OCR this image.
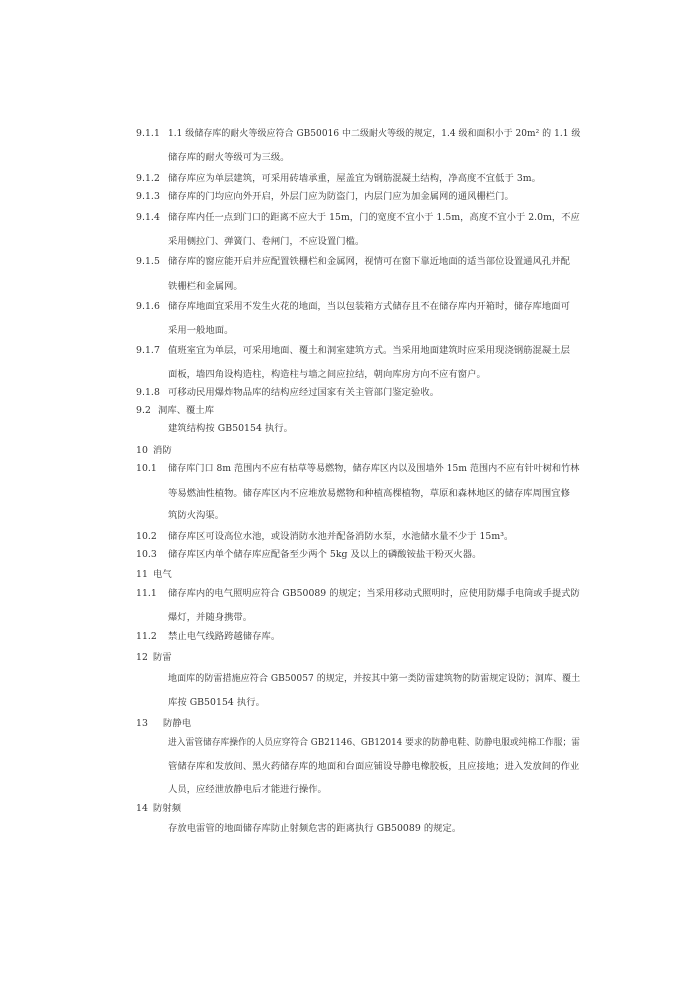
9.1.1 1.1 级储存库的耐火等级应符合 GB50016 中二级耐火等级的规定，1.4 级和面积小于 20m² 的 1.1 级
储存库的耐火等级可为三级。
9.1.2 储存库应为单层建筑，可采用砖墙承重，屋盖宜为钢筋混凝土结构，净高度不宜低于 3m。
9.1.3 储存库的门均应向外开启，外层门应为防盗门，内层门应为加金属网的通风栅栏门。
9.1.4 储存库内任一点到门口的距离不应大于 15m，门的宽度不宜小于 1.5m，高度不宜小于 2.0m，不应
采用侧拉门、弹簧门、卷闸门，不应设置门槛。
9.1.5 储存库的窗应能开启并应配置铁栅栏和金属网，视情可在窗下靠近地面的适当部位设置通风孔并配
铁栅栏和金属网。
9.1.6 储存库地面宜采用不发生火花的地面，当以包装箱方式储存且不在储存库内开箱时，储存库地面可
采用一般地面。
9.1.7 值班室宜为单层，可采用地面、覆土和洞室建筑方式。当采用地面建筑时应采用现浇钢筋混凝土层
面板，墙四角设构造柱，构造柱与墙之间应拉结，朝向库房方向不应有窗户。
9.1.8 可移动民用爆炸物品库的结构应经过国家有关主管部门鉴定验收。
9.2 洞库、覆土库
建筑结构按 GB50154 执行。
10 消防
10.1 储存库门口 8m 范围内不应有枯草等易燃物，储存库区内以及围墙外 15m 范围内不应有针叶树和竹林
等易燃油性植物。储存库区内不应堆放易燃物和种植高棵植物，草原和森林地区的储存库周围宜修
筑防火沟渠。
10.2 储存库区可设高位水池，或设消防水池并配备消防水泵，水池储水量不少于 15m³。
10.3 储存库区内单个储存库应配备至少两个 5kg 及以上的磷酸铵盐干粉灭火器。
11 电气
11.1 储存库内的电气照明应符合 GB50089 的规定；当采用移动式照明时，应使用防爆手电筒或手提式防
爆灯，并随身携带。
11.2 禁止电气线路跨越储存库。
12 防雷
地面库的防雷措施应符合 GB50057 的规定，并按其中第一类防雷建筑物的防雷规定设防；洞库、覆土
库按 GB50154 执行。
13 防静电
进入雷管储存库操作的人员应穿符合 GB21146、GB12014 要求的防静电鞋、防静电服或纯棉工作服；雷
管储存库和发放间、黑火药储存库的地面和台面应铺设导静电橡胶板，且应接地；进入发放间的作业
人员，应经泄放静电后才能进行操作。
14 防射频
存放电雷管的地面储存库防止射频危害的距离执行 GB50089 的规定。
